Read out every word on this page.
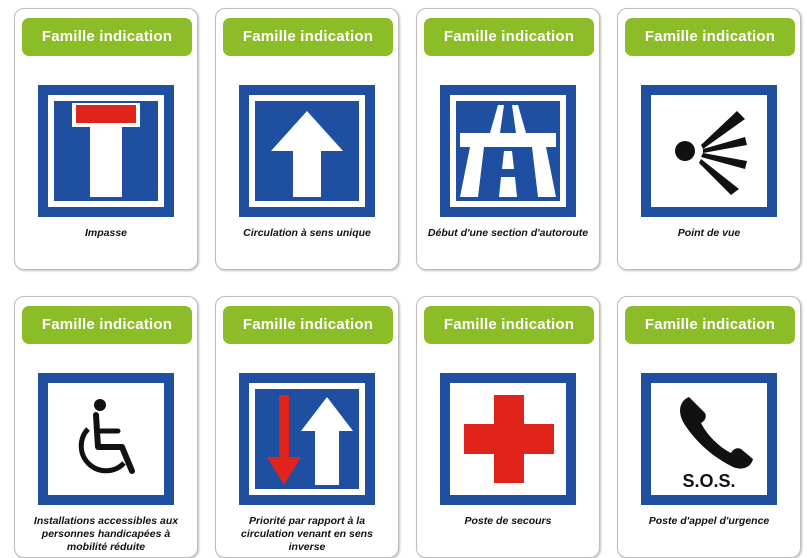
Famille indication
Impasse
Famille indication
Circulation à sens unique
Famille indication
Début d'une section d'autoroute
Famille indication
Point de vue
Famille indication
Installations accessibles aux personnes handicapées à mobilité réduite
Famille indication
Priorité par rapport à la circulation venant en sens inverse
Famille indication
Poste de secours
Famille indication
S.O.S.
Poste d'appel d'urgence
